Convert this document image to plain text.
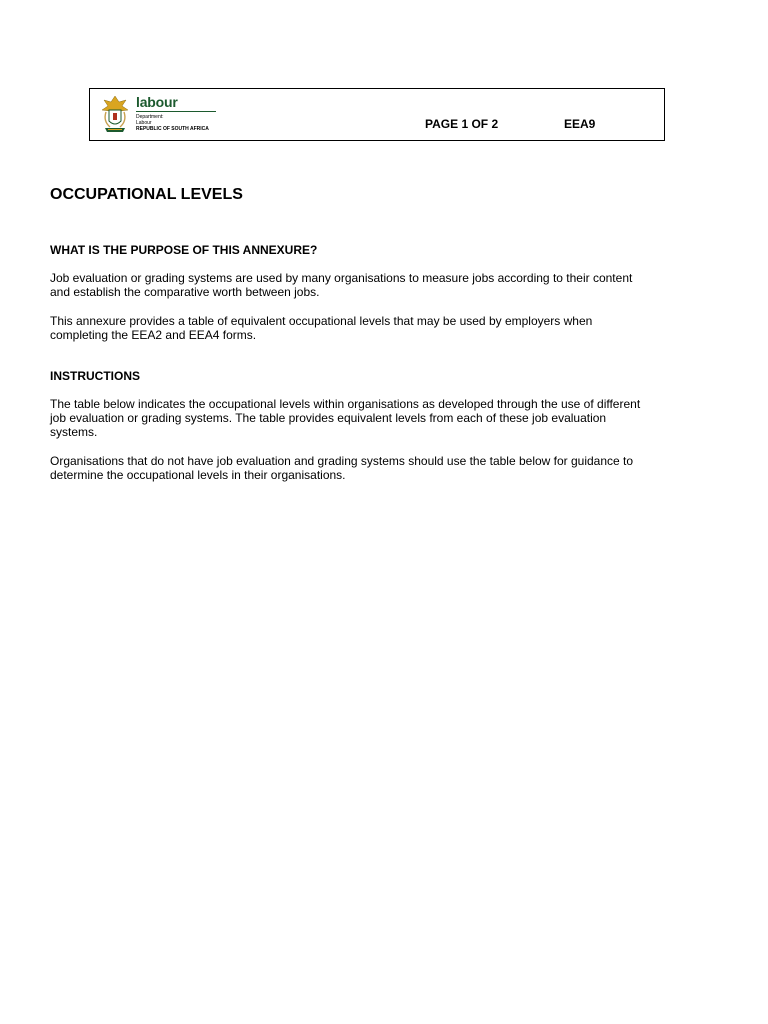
labour
Department:
Labour
REPUBLIC OF SOUTH AFRICA	PAGE 1 OF 2	EEA9
OCCUPATIONAL LEVELS
WHAT IS THE PURPOSE OF THIS ANNEXURE?

Job evaluation or grading systems are used by many organisations to measure jobs according to their content and establish the comparative worth between jobs.

This annexure provides a table of equivalent occupational levels that may be used by employers when completing the EEA2 and EEA4 forms.

INSTRUCTIONS

The table below indicates the occupational levels within organisations as developed through the use of different job evaluation or grading systems. The table provides equivalent levels from each of these job evaluation systems.

Organisations that do not have job evaluation and grading systems should use the table below for guidance to determine the occupational levels in their organisations.
